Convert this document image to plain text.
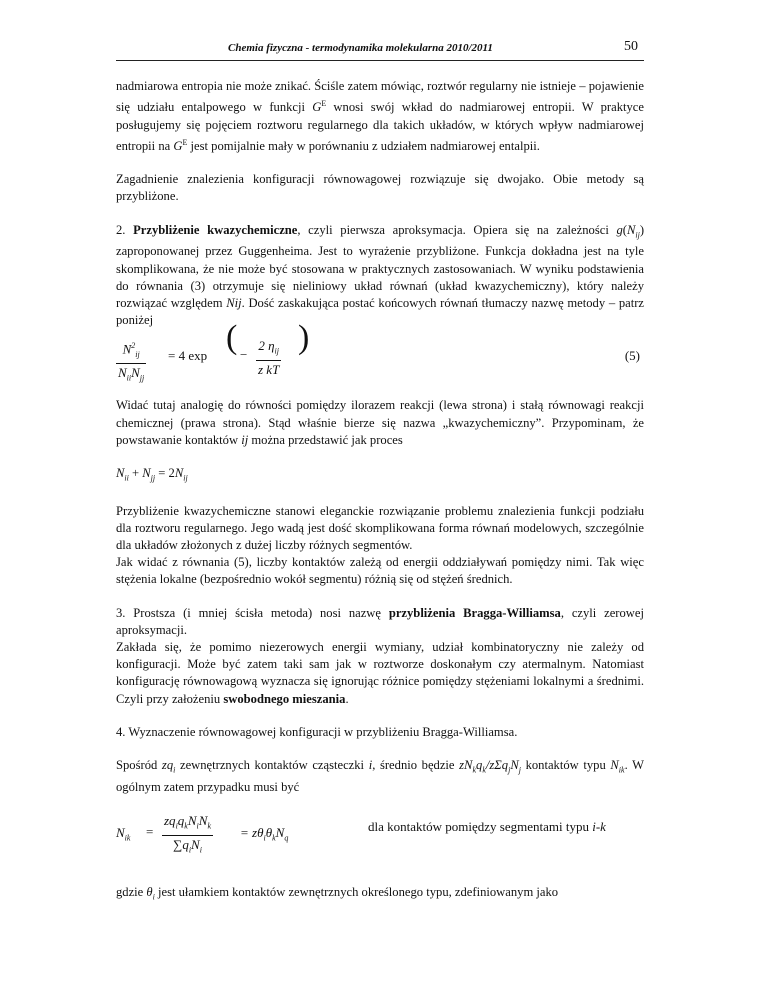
Chemia fizyczna - termodynamika molekularna 2010/2011	50

nadmiarowa entropia nie może znikać. Ściśle zatem mówiąc, roztwór regularny nie istnieje – pojawienie się udziału entalpowego w funkcji $G^E$ wnosi swój wkład do nadmiarowej entropii. W praktyce posługujemy się pojęciem roztworu regularnego dla takich układów, w których wpływ nadmiarowej entropii na $G^E$ jest pomijalnie mały w porównaniu z udziałem nadmiarowej entalpii.

Zagadnienie znalezienia konfiguracji równowagowej rozwiązuje się dwojako. Obie metody są przybliżone.

2. Przybliżenie kwazychemiczne, czyli pierwsza aproksymacja. Opiera się na zależności $g(N_{ij})$ zaproponowanej przez Guggenheima. Jest to wyrażenie przybliżone. Funkcja dokładna jest na tyle skomplikowana, że nie może być stosowana w praktycznych zastosowaniach. W wyniku podstawienia do równania (3) otrzymuje się nieliniowy układ równań (układ kwazychemiczny), który należy rozwiązać względem Nij. Dość zaskakująca postać końcowych równań tłumaczy nazwę metody – patrz poniżej

$N^2_{ij}$
$N_{ii}N_{jj}$
= 4 exp ( −
2 $\eta_{ij}$
z kT
)	(5)

Widać tutaj analogię do równości pomiędzy ilorazem reakcji (lewa strona) i stałą równowagi reakcji chemicznej (prawa strona). Stąd właśnie bierze się nazwa „kwazychemiczny”. Przypominam, że powstawanie kontaktów ij można przedstawić jak proces

$N_{ii} + N_{jj} = 2N_{ij}$

Przybliżenie kwazychemiczne stanowi eleganckie rozwiązanie problemu znalezienia funkcji podziału dla roztworu regularnego. Jego wadą jest dość skomplikowana forma równań modelowych, szczególnie dla układów złożonych z dużej liczby różnych segmentów.
Jak widać z równania (5), liczby kontaktów zależą od energii oddziaływań pomiędzy nimi. Tak więc stężenia lokalne (bezpośrednio wokół segmentu) różnią się od stężeń średnich.

3. Prostsza (i mniej ścisła metoda) nosi nazwę przybliżenia Bragga-Williamsa, czyli zerowej aproksymacji.
Zakłada się, że pomimo niezerowych energii wymiany, udział kombinatoryczny nie zależy od konfiguracji. Może być zatem taki sam jak w roztworze doskonałym czy atermalnym. Natomiast konfigurację równowagową wyznacza się ignorując różnice pomiędzy stężeniami lokalnymi a średnimi. Czyli przy założeniu swobodnego mieszania.

4. Wyznaczenie równowagowej konfiguracji w przybliżeniu Bragga-Williamsa.

Spośród $zq_i$ zewnętrznych kontaktów cząsteczki i, średnio będzie $zN_kq_k/z\Sigma q_jN_j$ kontaktów typu $N_{ik}$. W ogólnym zatem przypadku musi być

$N_{ik}$ =
$zq_iq_kN_iN_k$
$\sum q_iN_i$
= $z\theta_i\theta_kN_q$
dla kontaktów pomiędzy segmentami typu i-k

gdzie $\theta_i$ jest ułamkiem kontaktów zewnętrznych określonego typu, zdefiniowanym jako
